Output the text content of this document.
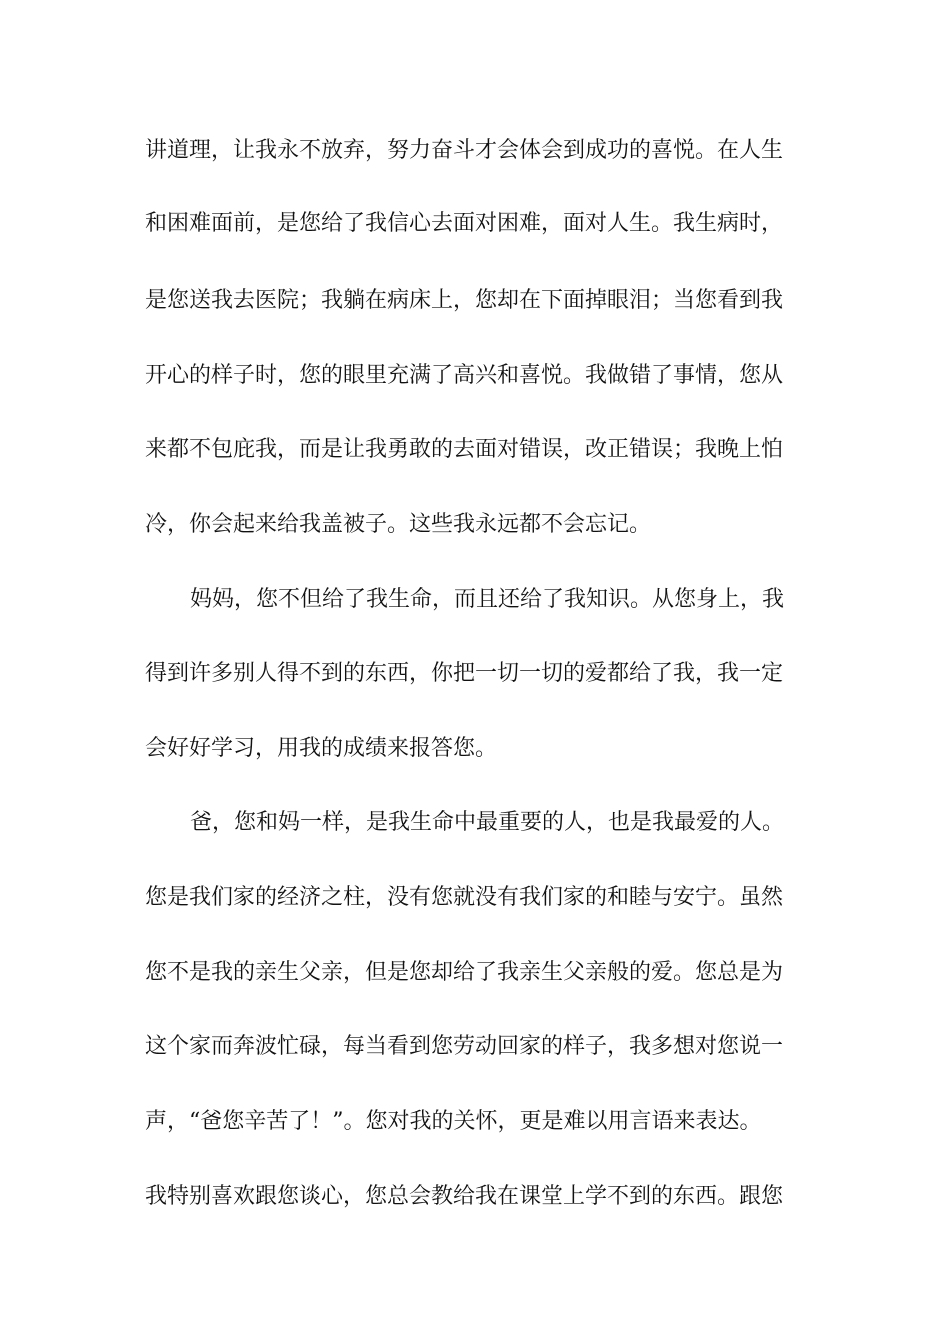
讲道理，让我永不放弃，努力奋斗才会体会到成功的喜悦。在人生
和困难面前，是您给了我信心去面对困难，面对人生。我生病时，
是您送我去医院；我躺在病床上，您却在下面掉眼泪；当您看到我
开心的样子时，您的眼里充满了高兴和喜悦。我做错了事情，您从
来都不包庇我，而是让我勇敢的去面对错误，改正错误；我晚上怕
冷，你会起来给我盖被子。这些我永远都不会忘记。
妈妈，您不但给了我生命，而且还给了我知识。从您身上，我
得到许多别人得不到的东西，你把一切一切的爱都给了我，我一定
会好好学习，用我的成绩来报答您。
爸，您和妈一样，是我生命中最重要的人，也是我最爱的人。
您是我们家的经济之柱，没有您就没有我们家的和睦与安宁。虽然
您不是我的亲生父亲，但是您却给了我亲生父亲般的爱。您总是为
这个家而奔波忙碌，每当看到您劳动回家的样子，我多想对您说一
声，“爸您辛苦了！”。您对我的关怀，更是难以用言语来表达。
我特别喜欢跟您谈心，您总会教给我在课堂上学不到的东西。跟您
